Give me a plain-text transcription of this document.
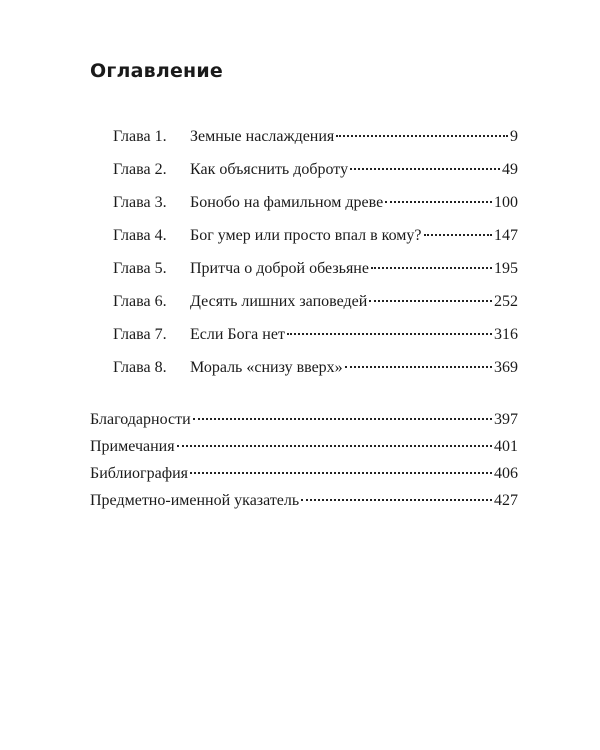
Оглавление
Глава 1.	Земные наслаждения	9
Глава 2.	Как объяснить доброту	49
Глава 3.	Бонобо на фамильном древе	100
Глава 4.	Бог умер или просто впал в кому?	147
Глава 5.	Притча о доброй обезьяне	195
Глава 6.	Десять лишних заповедей	252
Глава 7.	Если Бога нет	316
Глава 8.	Мораль «снизу вверх»	369
Благодарности	397
Примечания	401
Библиография	406
Предметно-именной указатель	427
